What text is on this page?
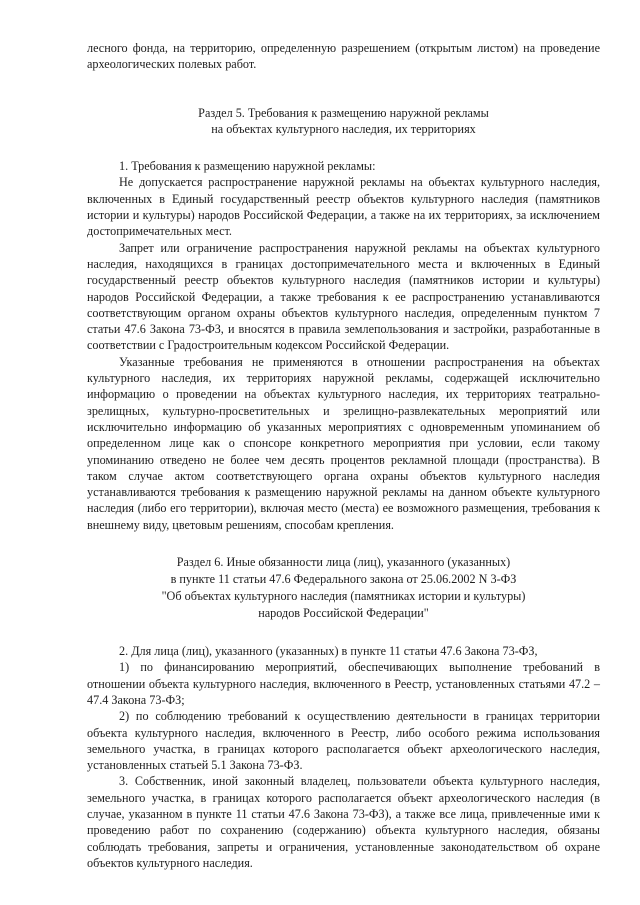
лесного фонда, на территорию, определенную разрешением (открытым листом) на проведение археологических полевых работ.

Раздел 5. Требования к размещению наружной рекламы

на объектах культурного наследия, их территориях

1. Требования к размещению наружной рекламы:

Не допускается распространение наружной рекламы на объектах культурного наследия, включенных в Единый государственный реестр объектов культурного наследия (памятников истории и культуры) народов Российской Федерации, а также на их территориях, за исключением достопримечательных мест.

Запрет или ограничение распространения наружной рекламы на объектах культурного наследия, находящихся в границах достопримечательного места и включенных в Единый государственный реестр объектов культурного наследия (памятников истории и культуры) народов Российской Федерации, а также требования к ее распространению устанавливаются соответствующим органом охраны объектов культурного наследия, определенным пунктом 7 статьи 47.6 Закона 73-ФЗ, и вносятся в правила землепользования и застройки, разработанные в соответствии с Градостроительным кодексом Российской Федерации.

Указанные требования не применяются в отношении распространения на объектах культурного наследия, их территориях наружной рекламы, содержащей исключительно информацию о проведении на объектах культурного наследия, их территориях театрально-зрелищных, культурно-просветительных и зрелищно-развлекательных мероприятий или исключительно информацию об указанных мероприятиях с одновременным упоминанием об определенном лице как о спонсоре конкретного мероприятия при условии, если такому упоминанию отведено не более чем десять процентов рекламной площади (пространства). В таком случае актом соответствующего органа охраны объектов культурного наследия устанавливаются требования к размещению наружной рекламы на данном объекте культурного наследия (либо его территории), включая место (места) ее возможного размещения, требования к внешнему виду, цветовым решениям, способам крепления.

Раздел 6. Иные обязанности лица (лиц), указанного (указанных)

в пункте 11 статьи 47.6 Федерального закона от 25.06.2002 N 3-ФЗ

"Об объектах культурного наследия (памятниках истории и культуры)

народов Российской Федерации"

2. Для лица (лиц), указанного (указанных) в пункте 11 статьи 47.6 Закона 73-ФЗ,

1) по финансированию мероприятий, обеспечивающих выполнение требований в отношении объекта культурного наследия, включенного в Реестр, установленных статьями 47.2 – 47.4 Закона 73-ФЗ;

2) по соблюдению требований к осуществлению деятельности в границах территории объекта культурного наследия, включенного в Реестр, либо особого режима использования земельного участка, в границах которого располагается объект археологического наследия, установленных статьей 5.1 Закона 73-ФЗ.

3. Собственник, иной законный владелец, пользователи объекта культурного наследия, земельного участка, в границах которого располагается объект археологического наследия (в случае, указанном в пункте 11 статьи 47.6 Закона 73-ФЗ), а также все лица, привлеченные ими к проведению работ по сохранению (содержанию) объекта культурного наследия, обязаны соблюдать требования, запреты и ограничения, установленные законодательством об охране объектов культурного наследия.
